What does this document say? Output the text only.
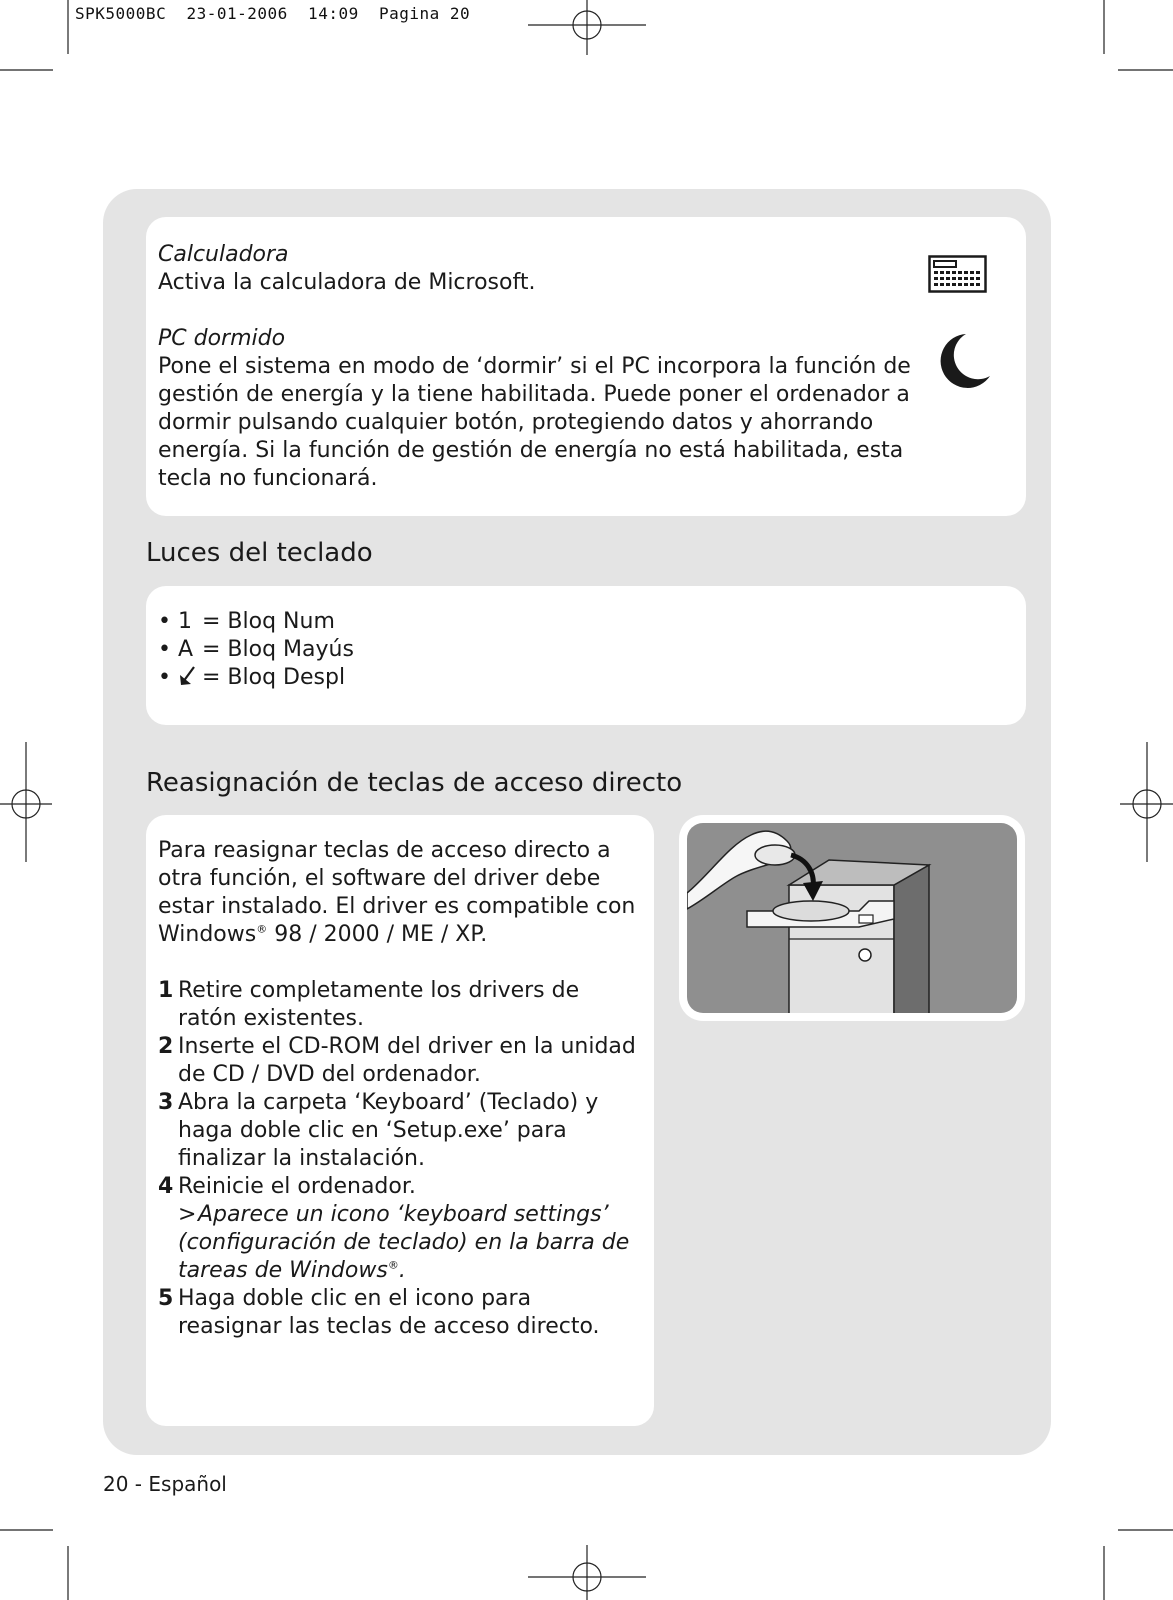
SPK5000BC  23-01-2006  14:09  Pagina 20

Calculadora

Activa la calculadora de Microsoft.

PC dormido

Pone el sistema en modo de ‘dormir’ si el PC incorpora la función de gestión de energía y la tiene habilitada. Puede poner el ordenador a dormir pulsando cualquier botón, protegiendo datos y ahorrando energía. Si la función de gestión de energía no está habilitada, esta tecla no funcionará.

Luces del teclado
• 1 = Bloq Num
• A = Bloq Mayús
• = Bloq Despl
Reasignación de teclas de acceso directo

Para reasignar teclas de acceso directo a otra función, el software del driver debe estar instalado. El driver es compatible con Windows® 98 / 2000 / ME / XP.

1 Retire completamente los drivers de ratón existentes.
2 Inserte el CD-ROM del driver en la unidad de CD / DVD del ordenador.
3 Abra la carpeta ‘Keyboard’ (Teclado) y haga doble clic en ‘Setup.exe’ para finalizar la instalación.
4 Reinicie el ordenador.
>Aparece un icono ‘keyboard settings’ (configuración de teclado) en la barra de tareas de Windows®.
5 Haga doble clic en el icono para reasignar las teclas de acceso directo.
20 - Español
